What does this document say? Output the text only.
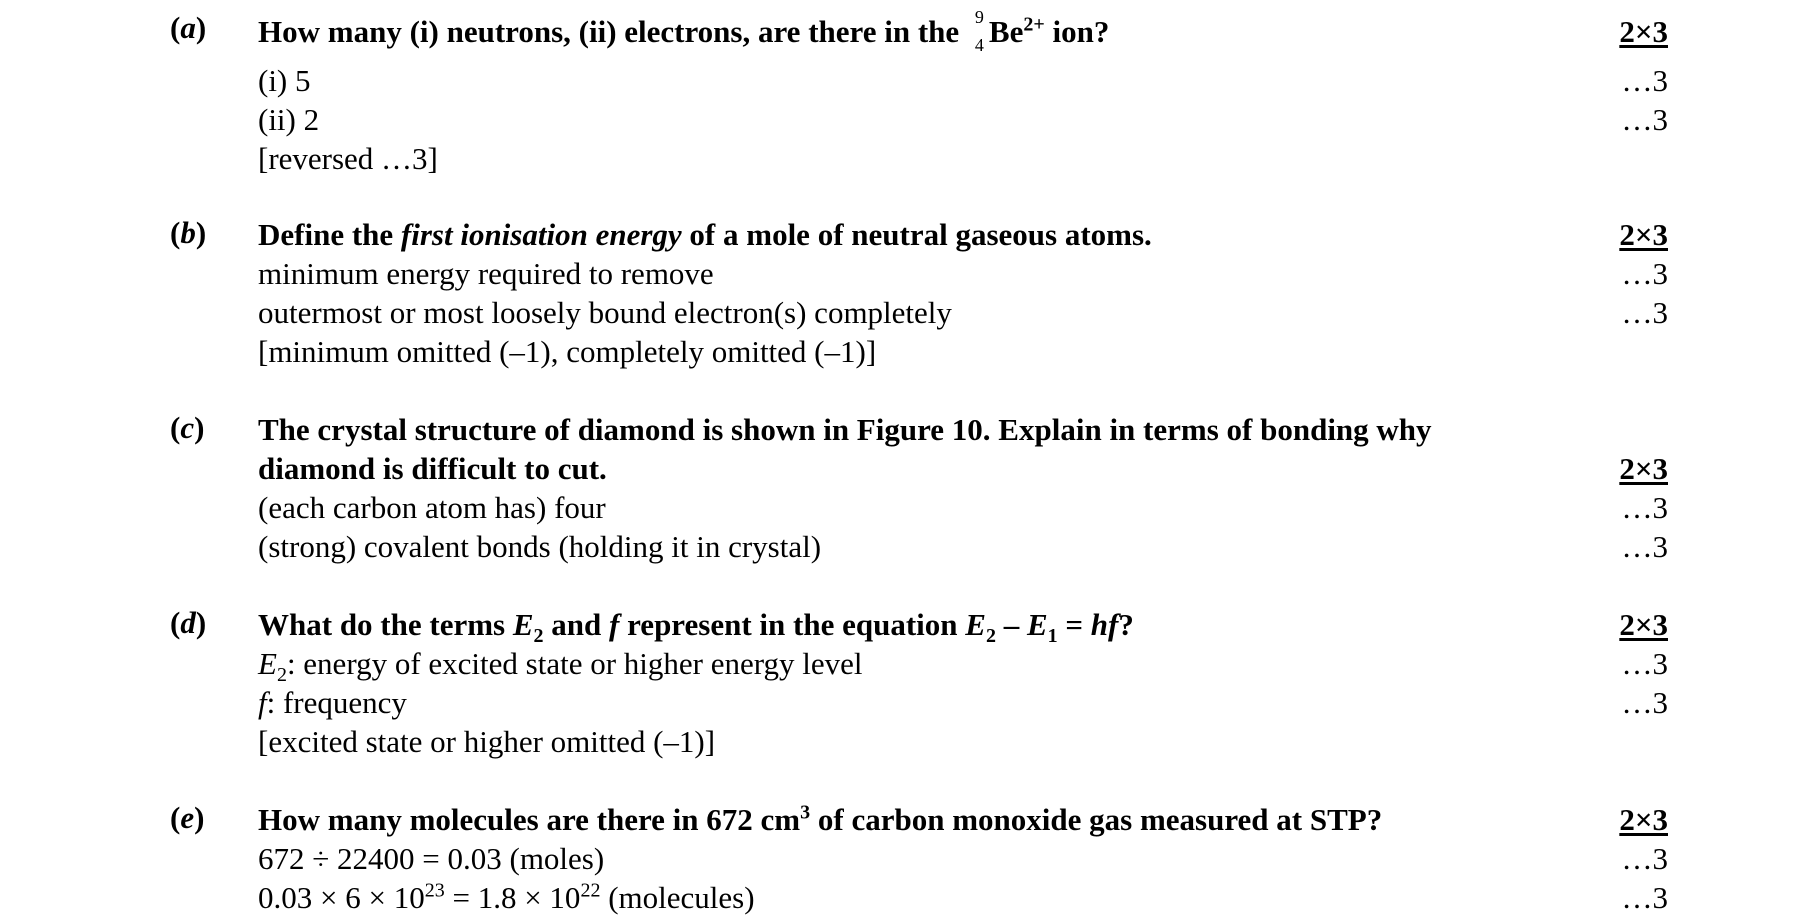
(a) How many (i) neutrons, (ii) electrons, are there in the 9
4 $Be^{2+}$ ion?	2×3
(i) 5	…3
(ii) 2	…3
[reversed …3]
(b) Define the first ionisation energy of a mole of neutral gaseous atoms.	2×3
minimum energy required to remove	…3
outermost or most loosely bound electron(s) completely	…3
[minimum omitted (–1), completely omitted (–1)]
(c) The crystal structure of diamond is shown in Figure 10. Explain in terms of bonding why
diamond is difficult to cut.	2×3
(each carbon atom has) four	…3
(strong) covalent bonds (holding it in crystal)	…3
(d) What do the terms $E_2$ and f represent in the equation $E_2 - E_1$ = hf?	2×3
$E_2$: energy of excited state or higher energy level	…3
f: frequency	…3
[excited state or higher omitted (–1)]
(e) How many molecules are there in 672 $cm^3$ of carbon monoxide gas measured at STP?	2×3
672 ÷ 22400 = 0.03 (moles)	…3
$0.03 \times 6 \times 10^{23} = 1.8 \times 10^{22}$ (molecules)	…3
